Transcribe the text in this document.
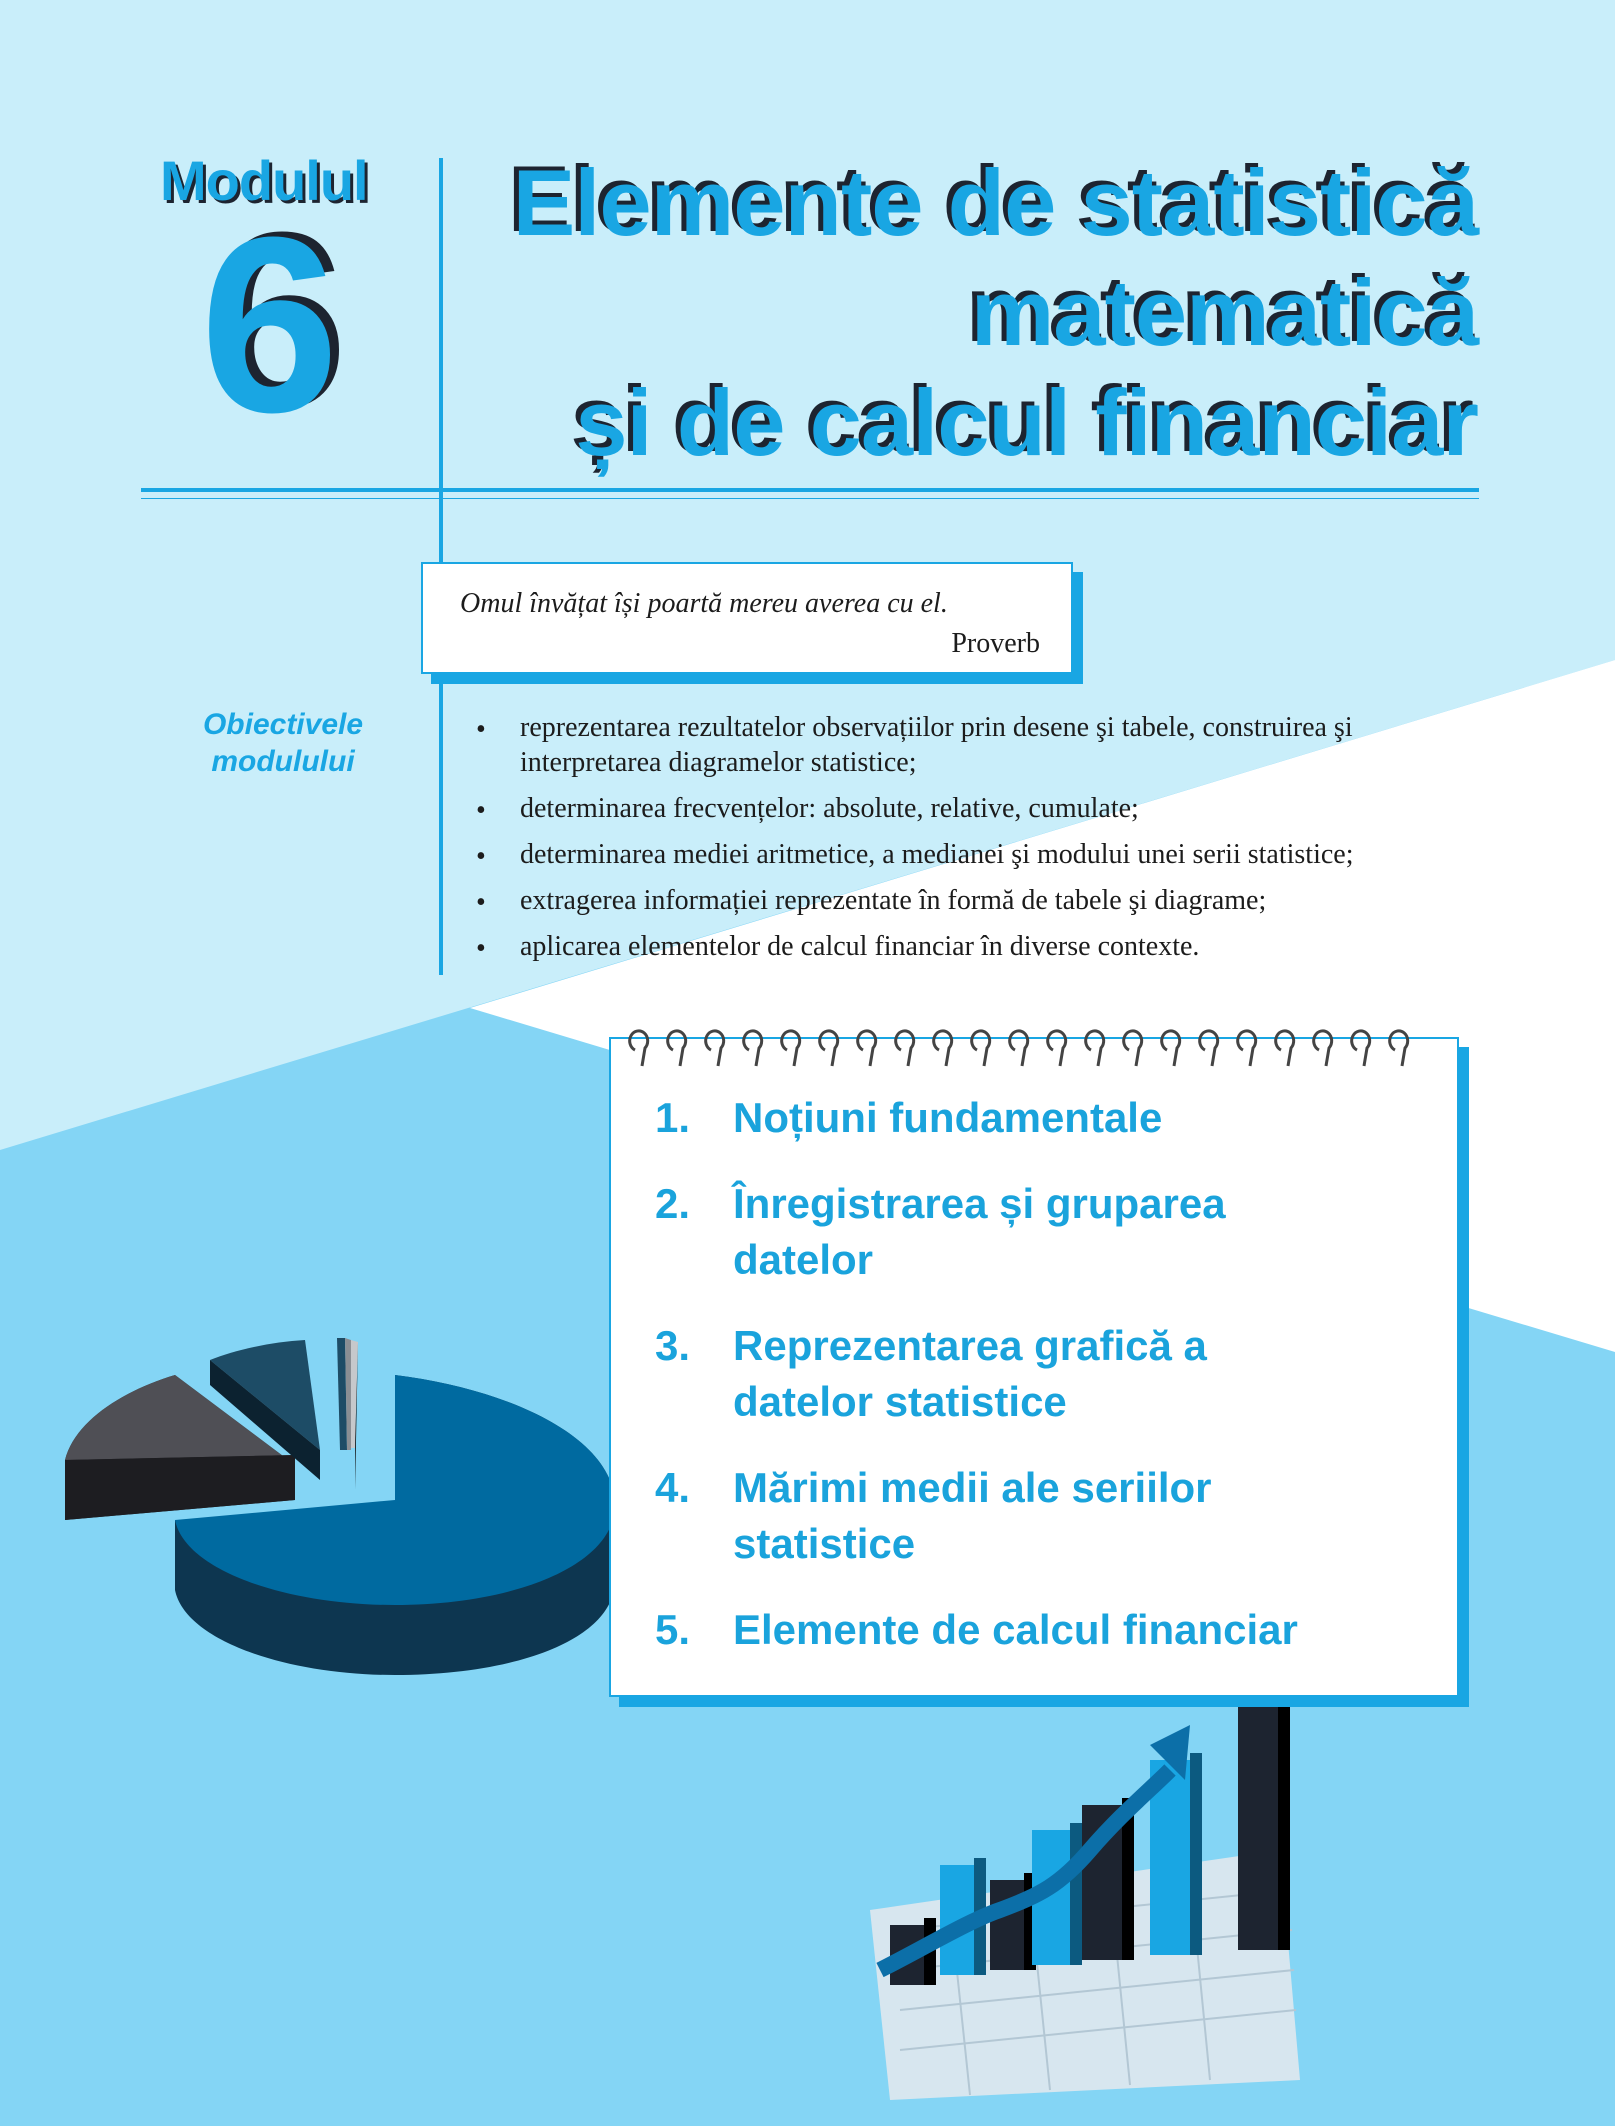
Modulul
6 Elemente de statistică
matematică
și de calcul financiar
Omul învățat își poartă mereu averea cu el.
Proverb
Obiectivele
modulului
• reprezentarea rezultatelor observațiilor prin desene şi tabele, construirea şi interpretarea diagramelor statistice;
• determinarea frecvențelor: absolute, relative, cumulate;
• determinarea mediei aritmetice, a medianei şi modului unei serii statistice;
• extragerea informației reprezentate în formă de tabele şi diagrame;
• aplicarea elementelor de calcul financiar în diverse contexte.
1.	Noțiuni fundamentale
2.	Înregistrarea și gruparea datelor
3.	Reprezentarea grafică a datelor statistice
4.	Mărimi medii ale seriilor statistice
5.	Elemente de calcul financiar
